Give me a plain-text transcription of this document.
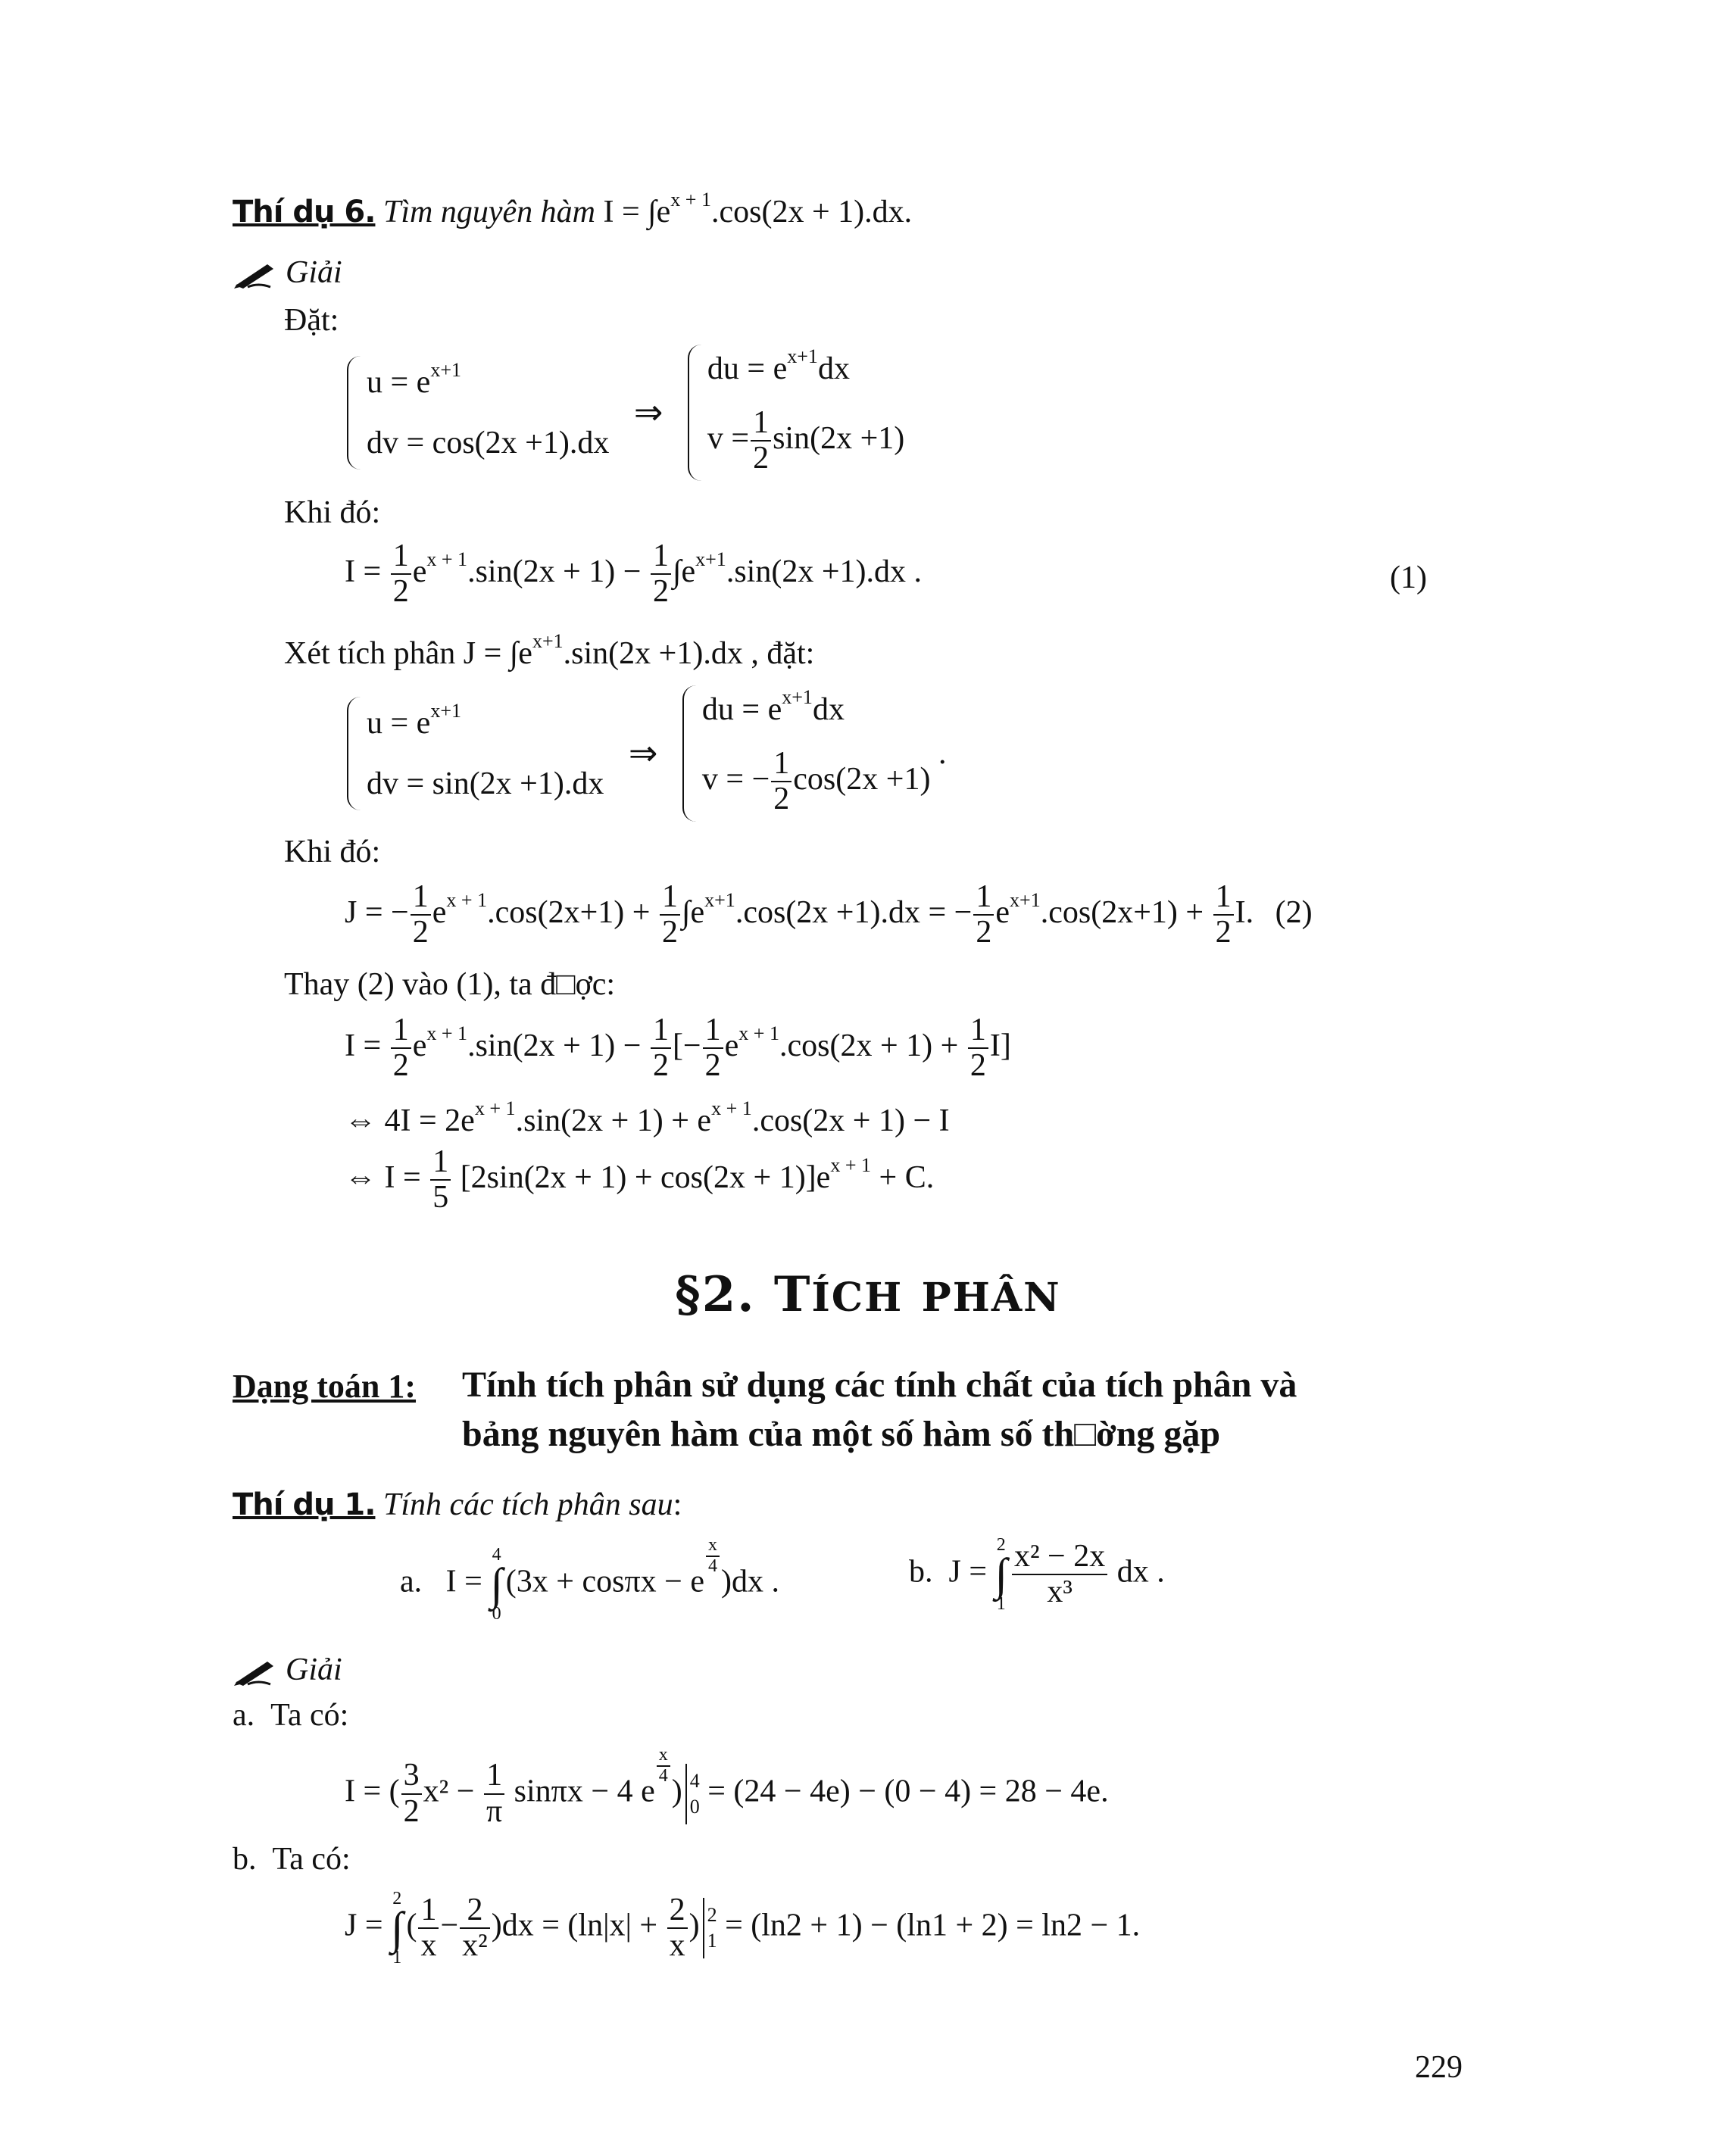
Thí dụ 6. Tìm nguyên hàm $I = \int e^{x + 1}.\cos(2x + 1).dx$.
Giải
Đặt:
$u = e^{x+1}$
dv = cos(2x +1).dx
⇒
du = $e^{x+1}dx$
$v = \frac{1}{2} \sin(2x +1)$
Khi đó:
$I = \frac{1}{2} e^{x + 1}.\sin(2x + 1) - \frac{1}{2} \int e^{x+1}.\sin(2x +1).dx$ .	(1)
Xét tích phân $J = \int e^{x+1}.\sin(2x +1).dx$ , đặt:
$u = e^{x+1}$
dv = sin(2x +1).dx
⇒
du = $e^{x+1}dx$
v = − $\frac{1}{2} \cos(2x +1)$
.
Khi đó:
J = − $\frac{1}{2} e^{x + 1}.\cos(2x+1) + \frac{1}{2} \int e^{x+1}.\cos(2x +1).dx$ = − $\frac{1}{2} e^{x+1}.\cos(2x+1) + \frac{1}{2} I$. (2)
Thay (2) vào (1), ta đ□ợc:
$I = \frac{1}{2} e^{x + 1}.\sin(2x + 1) - \frac{1}{2}$ [− $\frac{1}{2} e^{x + 1}.\cos(2x + 1) + \frac{1}{2} I$]
⇔ $4I = 2e^{x + 1}.\sin(2x + 1) + e^{x + 1}.\cos(2x + 1) - I$
⇔ $I = \frac{1}{5} [2\sin(2x + 1) + \cos(2x + 1)]e^{x + 1} + C$.
§2. TÍCH PHÂN
Dạng toán 1: Tính tích phân sử dụng các tính chất của tích phân và
bảng nguyên hàm của một số hàm số th□ờng gặp
Thí dụ 1. Tính các tích phân sau:
a. I =
4
∫
0
(3x + cosπx − e
$\frac{x}{4}$
)dx .	b. J =
2
∫
$1 \frac{\text{x² − 2x}}{\text{x³}}$ dx .
Giải
a. Ta có:
I = ( $\frac{3}{2} x^2 - \frac{1}{\pi}$ sinπx − 4 e
$\frac{x}{4}$
) 4
0 = (24 − 4e) − (0 − 4) = 28 − 4e.
b. Ta có:
J =
2
∫
1
( $\frac{1}{x} - \frac{2}{\text{x²}} )dx = (\ln|x| + \frac{2}{x}$ ) 2
1 = (ln2 + 1) − (ln1 + 2) = ln2 − 1.
229
